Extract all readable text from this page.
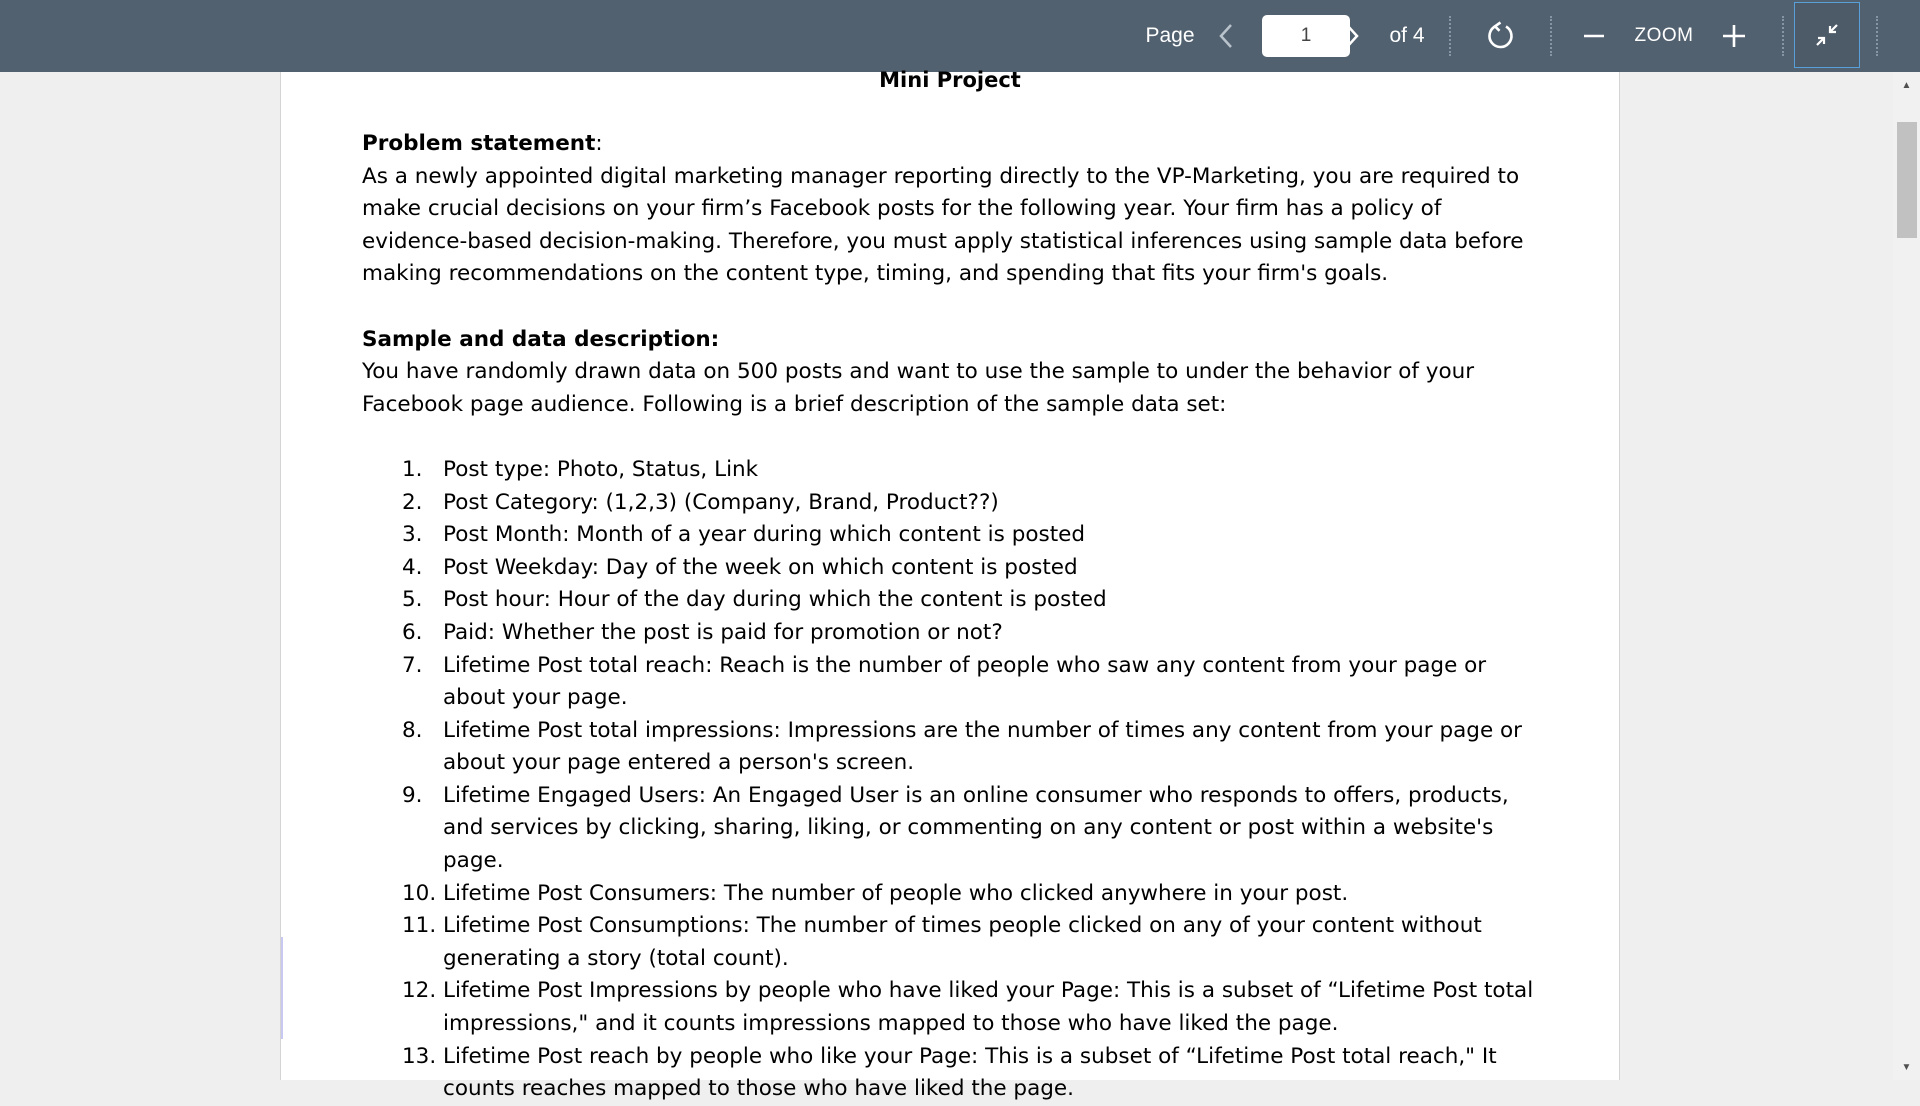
Page
1	of 4	ZOOM
Mini Project

Problem statement:

As a newly appointed digital marketing manager reporting directly to the VP-Marketing, you are required to make crucial decisions on your firm’s Facebook posts for the following year. Your firm has a policy of evidence-based decision-making. Therefore, you must apply statistical inferences using sample data before making recommendations on the content type, timing, and spending that fits your firm's goals.

Sample and data description:

You have randomly drawn data on 500 posts and want to use the sample to under the behavior of your Facebook page audience. Following is a brief description of the sample data set:

1. Post type: Photo, Status, Link
2. Post Category: (1,2,3) (Company, Brand, Product??)
3. Post Month: Month of a year during which content is posted
4. Post Weekday: Day of the week on which content is posted
5. Post hour: Hour of the day during which the content is posted
6. Paid: Whether the post is paid for promotion or not?
7. Lifetime Post total reach: Reach is the number of people who saw any content from your page or about your page.
8. Lifetime Post total impressions: Impressions are the number of times any content from your page or about your page entered a person's screen.
9. Lifetime Engaged Users: An Engaged User is an online consumer who responds to offers, products, and services by clicking, sharing, liking, or commenting on any content or post within a website's page.
10. Lifetime Post Consumers: The number of people who clicked anywhere in your post.
11. Lifetime Post Consumptions: The number of times people clicked on any of your content without generating a story (total count).
12. Lifetime Post Impressions by people who have liked your Page: This is a subset of “Lifetime Post total impressions," and it counts impressions mapped to those who have liked the page.
13. Lifetime Post reach by people who like your Page: This is a subset of “Lifetime Post total reach," It counts reaches mapped to those who have liked the page.
▲
▼
